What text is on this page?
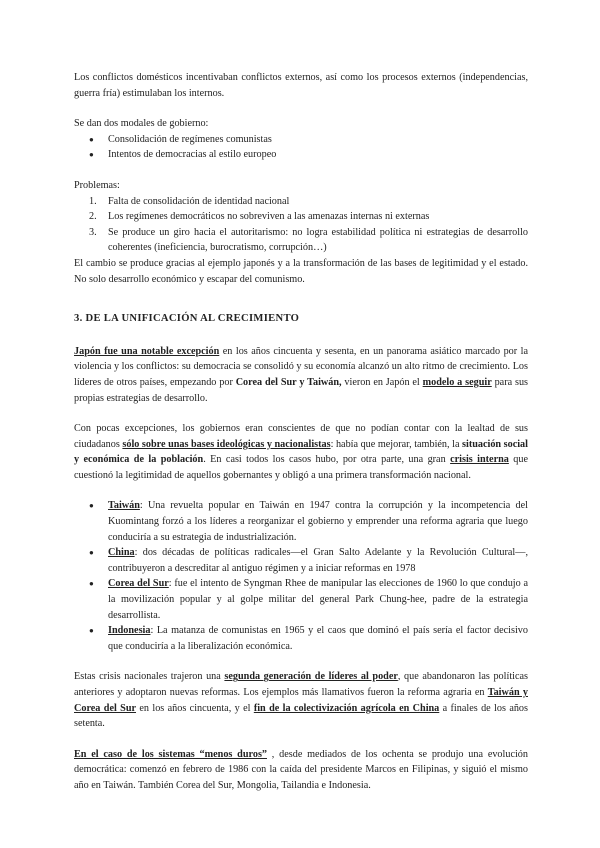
Los conflictos domésticos incentivaban conflictos externos, así como los procesos externos (independencias, guerra fría) estimulaban los internos.

Se dan dos modales de gobierno:

● Consolidación de regímenes comunistas
● Intentos de democracias al estilo europeo

Problemas:

1. Falta de consolidación de identidad nacional
2. Los regímenes democráticos no sobreviven a las amenazas internas ni externas
3. Se produce un giro hacia el autoritarismo: no logra estabilidad política ni estrategias de desarrollo coherentes (ineficiencia, burocratismo, corrupción…)

El cambio se produce gracias al ejemplo japonés y a la transformación de las bases de legitimidad y el estado. No solo desarrollo económico y escapar del comunismo.

3. DE LA UNIFICACIÓN AL CRECIMIENTO

Japón fue una notable excepción en los años cincuenta y sesenta, en un panorama asiático marcado por la violencia y los conflictos: su democracia se consolidó y su economía alcanzó un alto ritmo de crecimiento. Los líderes de otros países, empezando por Corea del Sur y Taiwán, vieron en Japón el modelo a seguir para sus propias estrategias de desarrollo.

Con pocas excepciones, los gobiernos eran conscientes de que no podían contar con la lealtad de sus ciudadanos sólo sobre unas bases ideológicas y nacionalistas: había que mejorar, también, la situación social y económica de la población. En casi todos los casos hubo, por otra parte, una gran crisis interna que cuestionó la legitimidad de aquellos gobernantes y obligó a una primera transformación nacional.

● Taiwán: Una revuelta popular en Taiwán en 1947 contra la corrupción y la incompetencia del Kuomintang forzó a los líderes a reorganizar el gobierno y emprender una reforma agraria que luego conduciría a su estrategia de industrialización.
● China: dos décadas de políticas radicales—el Gran Salto Adelante y la Revolución Cultural—, contribuyeron a descreditar al antiguo régimen y a iniciar reformas en 1978
● Corea del Sur: fue el intento de Syngman Rhee de manipular las elecciones de 1960 lo que condujo a la movilización popular y al golpe militar del general Park Chung-hee, padre de la estrategia desarrollista.
● Indonesia: La matanza de comunistas en 1965 y el caos que dominó el país sería el factor decisivo que conduciría a la liberalización económica.

Estas crisis nacionales trajeron una segunda generación de líderes al poder, que abandonaron las políticas anteriores y adoptaron nuevas reformas. Los ejemplos más llamativos fueron la reforma agraria en Taiwán y Corea del Sur en los años cincuenta, y el fin de la colectivización agrícola en China a finales de los años setenta.

En el caso de los sistemas “menos duros” , desde mediados de los ochenta se produjo una evolución democrática: comenzó en febrero de 1986 con la caída del presidente Marcos en Filipinas, y siguió el mismo año en Taiwán. También Corea del Sur, Mongolia, Tailandia e Indonesia.
